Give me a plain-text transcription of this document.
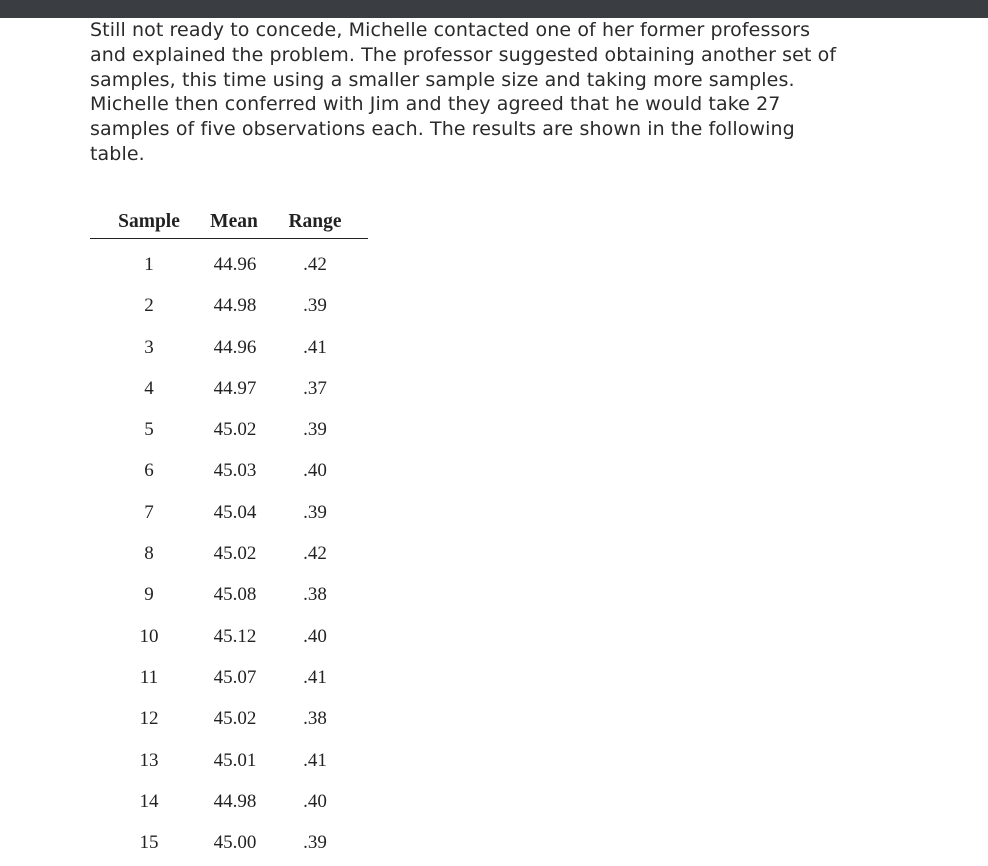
Still not ready to concede, Michelle contacted one of her former professors
and explained the problem. The professor suggested obtaining another set of
samples, this time using a smaller sample size and taking more samples.
Michelle then conferred with Jim and they agreed that he would take 27
samples of five observations each. The results are shown in the following
table.

Sample	Mean	Range
1	44.96	.42
2	44.98	.39
3	44.96	.41
4	44.97	.37
5	45.02	.39
6	45.03	.40
7	45.04	.39
8	45.02	.42
9	45.08	.38
10	45.12	.40
11	45.07	.41
12	45.02	.38
13	45.01	.41
14	44.98	.40
15	45.00	.39
